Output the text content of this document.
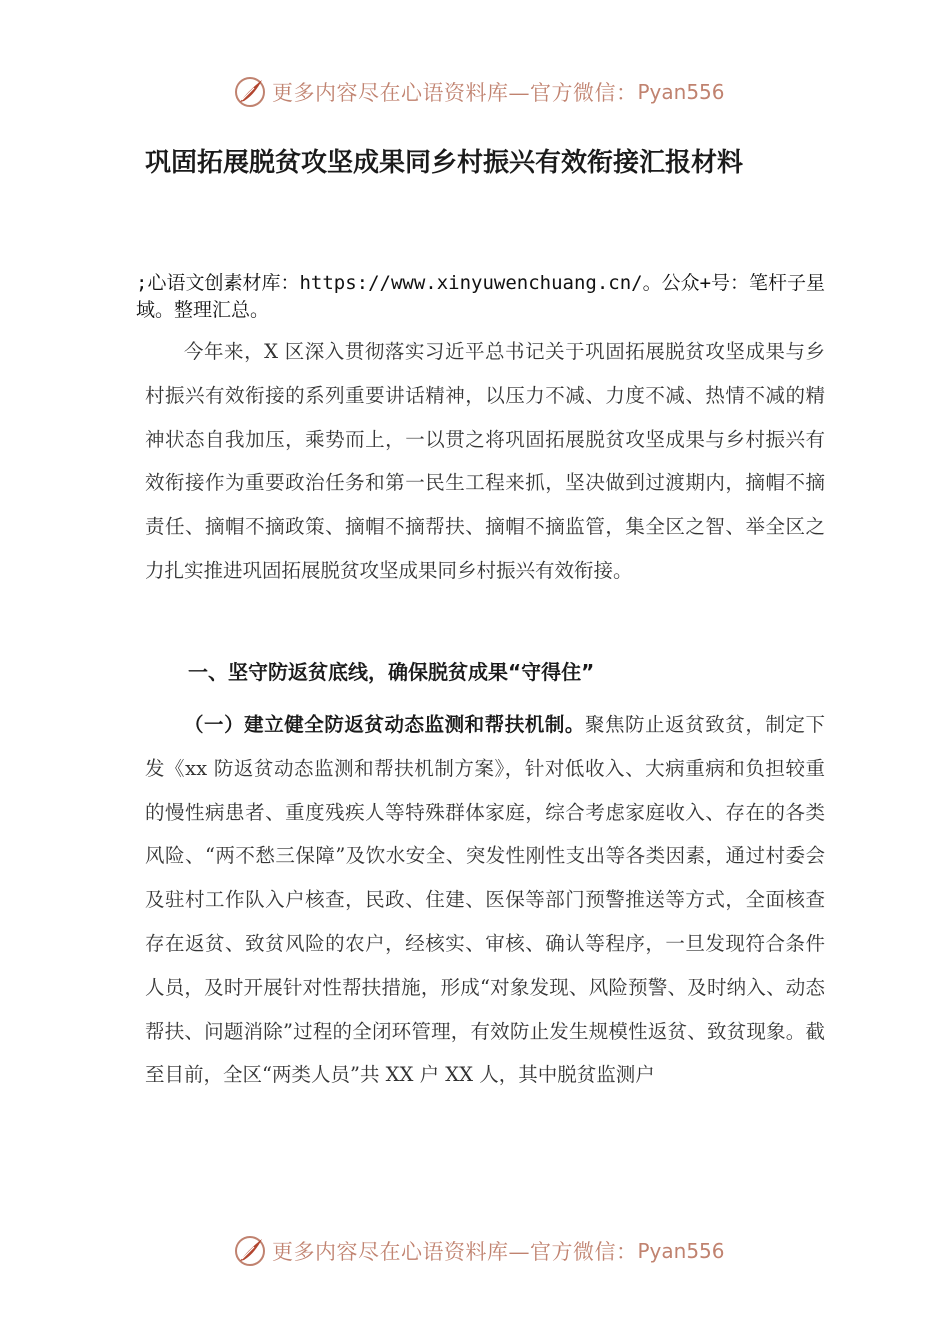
更多内容尽在心语资料库—官方微信： Pyan556
巩固拓展脱贫攻坚成果同乡村振兴有效衔接汇报材料

;心语文创素材库：https://www.xinyuwenchuang.cn/。公众+号：笔杆子星域。整理汇总。

今年来，X 区深入贯彻落实习近平总书记关于巩固拓展脱贫攻坚成果与乡村振兴有效衔接的系列重要讲话精神，以压力不减、力度不减、热情不减的精神状态自我加压，乘势而上，一以贯之将巩固拓展脱贫攻坚成果与乡村振兴有效衔接作为重要政治任务和第一民生工程来抓，坚决做到过渡期内，摘帽不摘责任、摘帽不摘政策、摘帽不摘帮扶、摘帽不摘监管，集全区之智、举全区之力扎实推进巩固拓展脱贫攻坚成果同乡村振兴有效衔接。

一、坚守防返贫底线，确保脱贫成果“守得住”

（一）建立健全防返贫动态监测和帮扶机制。聚焦防止返贫致贫，制定下发《xx 防返贫动态监测和帮扶机制方案》，针对低收入、大病重病和负担较重的慢性病患者、重度残疾人等特殊群体家庭，综合考虑家庭收入、存在的各类风险、“两不愁三保障”及饮水安全、突发性刚性支出等各类因素，通过村委会及驻村工作队入户核查，民政、住建、医保等部门预警推送等方式，全面核查存在返贫、致贫风险的农户，经核实、审核、确认等程序，一旦发现符合条件人员，及时开展针对性帮扶措施，形成“对象发现、风险预警、及时纳入、动态帮扶、问题消除”过程的全闭环管理，有效防止发生规模性返贫、致贫现象。截至目前，全区“两类人员”共 XX 户 XX 人，其中脱贫监测户

更多内容尽在心语资料库—官方微信： Pyan556
